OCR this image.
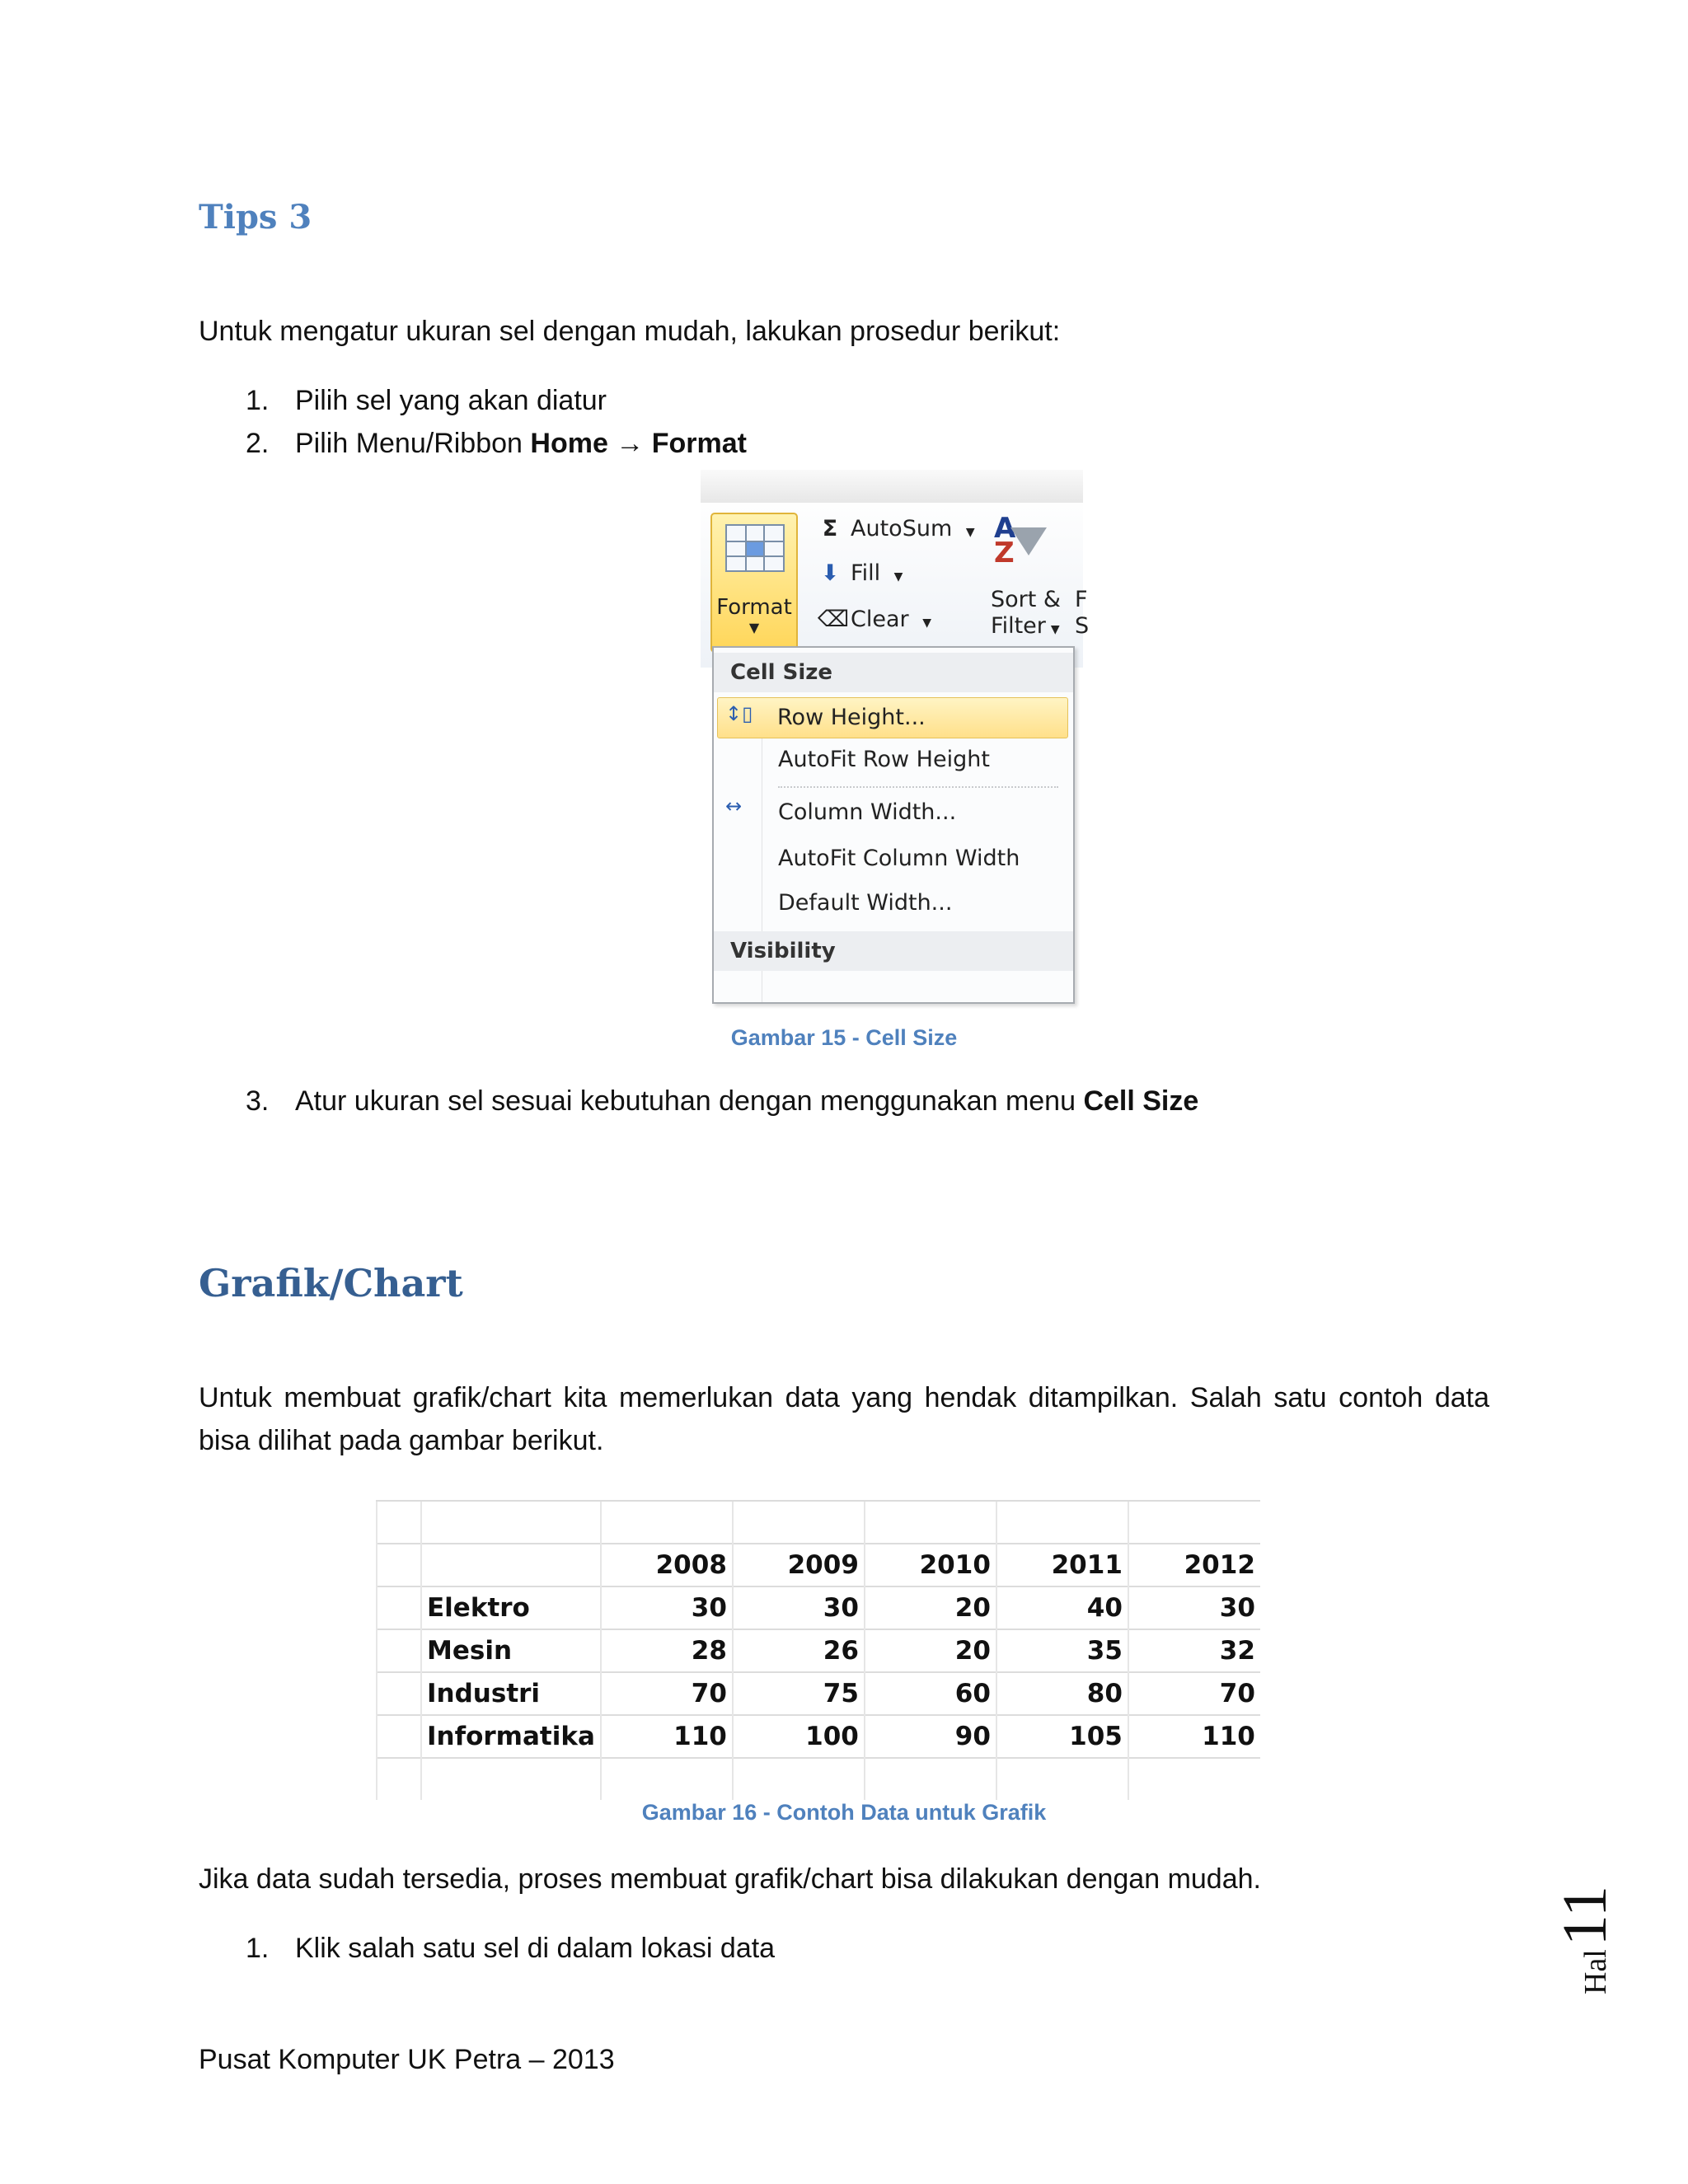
Tips 3
Untuk mengatur ukuran sel dengan mudah, lakukan prosedur berikut:
1. Pilih sel yang akan diatur
2. Pilih Menu/Ribbon Home → Format
Format
▼
Σ AutoSum ▼
⬇ Fill ▼
⌫Clear ▼
A
Z
Sort &
Filter ▼
F
S
Cell Size
Row Height...
↕▯
AutoFit Row Height
↔ Column Width...
AutoFit Column Width
Default Width...
Visibility
Gambar 15 - Cell Size
3. Atur ukuran sel sesuai kebutuhan dengan menggunakan menu Cell Size
Grafik/Chart
Untuk membuat grafik/chart kita memerlukan data yang hendak ditampilkan. Salah satu contoh data bisa dilihat pada gambar berikut.

		2008	2009	2010	2011	2012
	Elektro	30	30	20	40	30
	Mesin	28	26	20	35	32
	Industri	70	75	60	80	70
	Informatika	110	100	90	105	110

Gambar 16 - Contoh Data untuk Grafik
Jika data sudah tersedia, proses membuat grafik/chart bisa dilakukan dengan mudah.
1. Klik salah satu sel di dalam lokasi data
Pusat Komputer UK Petra – 2013
Hal 11
